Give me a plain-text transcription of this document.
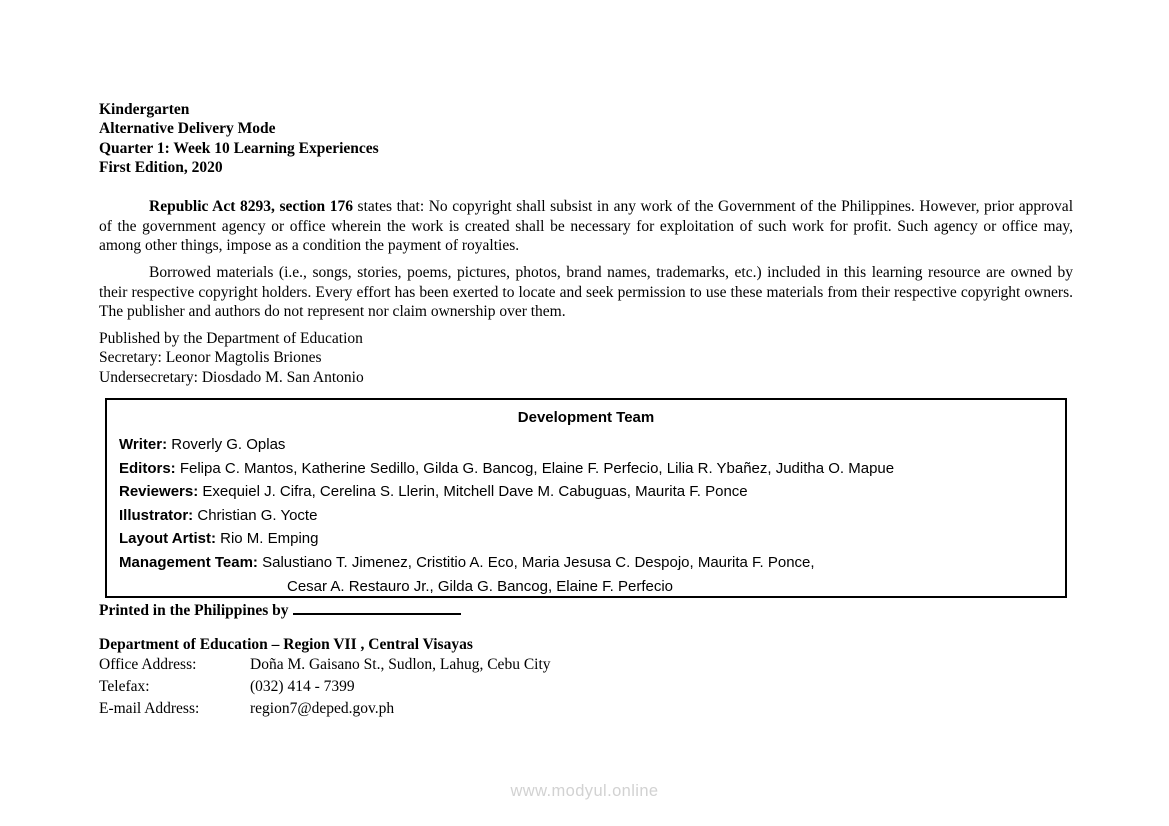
Kindergarten
Alternative Delivery Mode
Quarter 1: Week 10 Learning Experiences
First Edition, 2020

Republic Act 8293, section 176 states that: No copyright shall subsist in any work of the Government of the Philippines. However, prior approval of the government agency or office wherein the work is created shall be necessary for exploitation of such work for profit. Such agency or office may, among other things, impose as a condition the payment of royalties.

Borrowed materials (i.e., songs, stories, poems, pictures, photos, brand names, trademarks, etc.) included in this learning resource are owned by their respective copyright holders. Every effort has been exerted to locate and seek permission to use these materials from their respective copyright owners. The publisher and authors do not represent nor claim ownership over them.

Published by the Department of Education
Secretary: Leonor Magtolis Briones
Undersecretary: Diosdado M. San Antonio
Development Team
Writer: Roverly G. Oplas
Editors: Felipa C. Mantos, Katherine Sedillo, Gilda G. Bancog, Elaine F. Perfecio, Lilia R. Ybañez, Juditha O. Mapue
Reviewers: Exequiel J. Cifra, Cerelina S. Llerin, Mitchell Dave M. Cabuguas, Maurita F. Ponce
Illustrator: Christian G. Yocte
Layout Artist: Rio M. Emping
Management Team: Salustiano T. Jimenez, Cristitio A. Eco, Maria Jesusa C. Despojo, Maurita F. Ponce,
Cesar A. Restauro Jr., Gilda G. Bancog, Elaine F. Perfecio
Printed in the Philippines by
Department of Education – Region VII , Central Visayas
Office Address:	Doña M. Gaisano St., Sudlon, Lahug, Cebu City
Telefax:	(032) 414 - 7399
E-mail Address:	region7@deped.gov.ph
www.modyul.online
